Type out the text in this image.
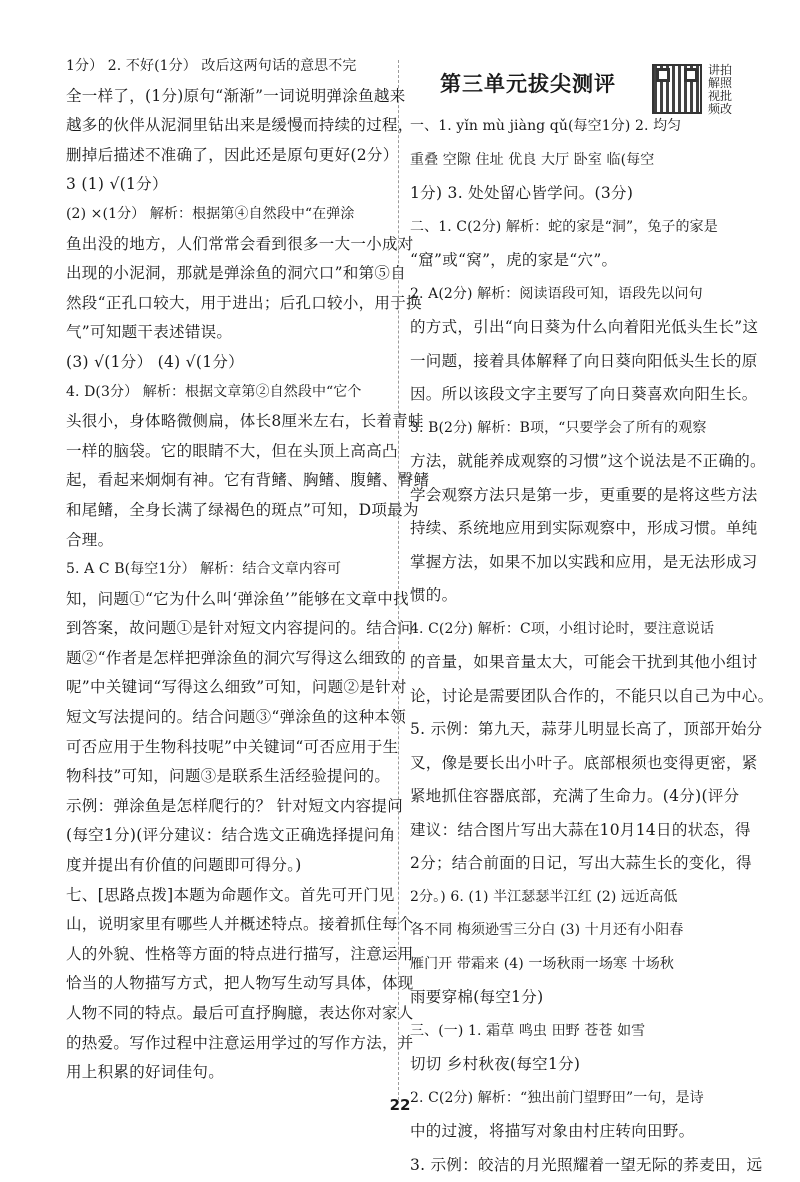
1分） 2. 不好(1分） 改后这两句话的意思不完
全一样了，(1分)原句“渐渐”一词说明弹涂鱼越来
越多的伙伴从泥洞里钻出来是缓慢而持续的过程，
删掉后描述不准确了，因此还是原句更好(2分）
3 (1) √(1分）
(2) ×(1分） 解析：根据第④自然段中“在弹涂
鱼出没的地方，人们常常会看到很多一大一小成对
出现的小泥洞，那就是弹涂鱼的洞穴口”和第⑤自
然段“正孔口较大，用于进出；后孔口较小，用于换
气”可知题干表述错误。
(3) √(1分） (4) √(1分）
4. D(3分） 解析：根据文章第②自然段中“它个
头很小，身体略微侧扁，体长8厘米左右，长着青蛙
一样的脑袋。它的眼睛不大，但在头顶上高高凸
起，看起来炯炯有神。它有背鳍、胸鳍、腹鳍、臀鳍
和尾鳍，全身长满了绿褐色的斑点”可知，D项最为
合理。
5. A C B(每空1分） 解析：结合文章内容可
知，问题①“它为什么叫‘弹涂鱼’”能够在文章中找
到答案，故问题①是针对短文内容提问的。结合问
题②“作者是怎样把弹涂鱼的洞穴写得这么细致的
呢”中关键词“写得这么细致”可知，问题②是针对
短文写法提问的。结合问题③“弹涂鱼的这种本领
可否应用于生物科技呢”中关键词“可否应用于生
物科技”可知，问题③是联系生活经验提问的。
示例：弹涂鱼是怎样爬行的？ 针对短文内容提问
(每空1分)(评分建议：结合选文正确选择提问角
度并提出有价值的问题即可得分。)
七、[思路点拨]本题为命题作文。首先可开门见
山，说明家里有哪些人并概述特点。接着抓住每个
人的外貌、性格等方面的特点进行描写，注意运用
恰当的人物描写方式，把人物写生动写具体，体现
人物不同的特点。最后可直抒胸臆，表达你对家人
的热爱。写作过程中注意运用学过的写作方法，并
用上积累的好词佳句。
第三单元拔尖测评
讲拍解照视批频改
一、1. yǐn mù jiàng qǔ(每空1分) 2. 均匀
重叠 空隙 住址 优良 大厅 卧室 临(每空
1分) 3. 处处留心皆学问。(3分)
二、1. C(2分) 解析：蛇的家是“洞”，兔子的家是
“窟”或“窝”，虎的家是“穴”。
2. A(2分) 解析：阅读语段可知，语段先以问句
的方式，引出“向日葵为什么向着阳光低头生长”这
一问题，接着具体解释了向日葵向阳低头生长的原
因。所以该段文字主要写了向日葵喜欢向阳生长。
3. B(2分) 解析：B项，“只要学会了所有的观察
方法，就能养成观察的习惯”这个说法是不正确的。
学会观察方法只是第一步，更重要的是将这些方法
持续、系统地应用到实际观察中，形成习惯。单纯
掌握方法，如果不加以实践和应用，是无法形成习
惯的。
4. C(2分) 解析：C项，小组讨论时，要注意说话
的音量，如果音量太大，可能会干扰到其他小组讨
论，讨论是需要团队合作的，不能只以自己为中心。
5. 示例：第九天，蒜芽儿明显长高了，顶部开始分
叉，像是要长出小叶子。底部根须也变得更密，紧
紧地抓住容器底部，充满了生命力。(4分)(评分
建议：结合图片写出大蒜在10月14日的状态，得
2分；结合前面的日记，写出大蒜生长的变化，得
2分。) 6. (1) 半江瑟瑟半江红 (2) 远近高低
各不同 梅须逊雪三分白 (3) 十月还有小阳春
雁门开 带霜来 (4) 一场秋雨一场寒 十场秋
雨要穿棉(每空1分)
三、(一) 1. 霜草 鸣虫 田野 苍苍 如雪
切切 乡村秋夜(每空1分)
2. C(2分) 解析：“独出前门望野田”一句，是诗
中的过渡，将描写对象由村庄转向田野。
3. 示例：皎洁的月光照耀着一望无际的荞麦田，远
22
